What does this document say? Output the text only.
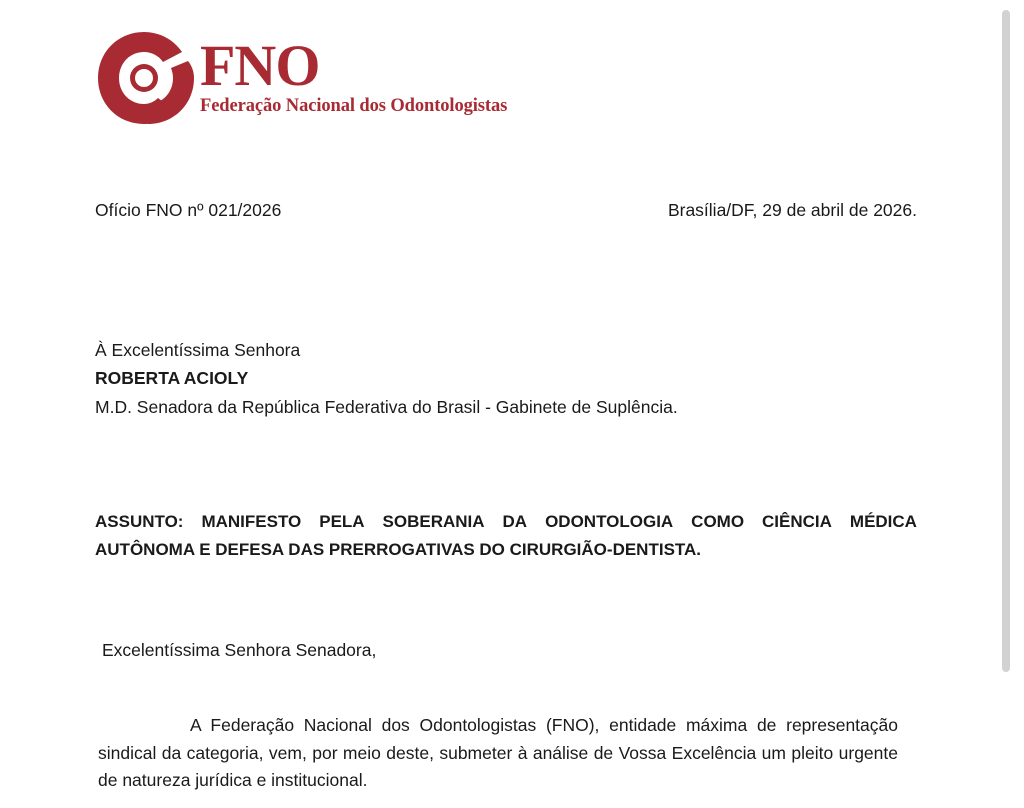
FNO
Federação Nacional dos Odontologistas
Ofício FNO nº 021/2026	Brasília/DF, 29 de abril de 2026.
À Excelentíssima Senhora
ROBERTA ACIOLY
M.D. Senadora da República Federativa do Brasil - Gabinete de Suplência.
ASSUNTO: MANIFESTO PELA SOBERANIA DA ODONTOLOGIA COMO CIÊNCIA MÉDICA
AUTÔNOMA E DEFESA DAS PRERROGATIVAS DO CIRURGIÃO-DENTISTA.
Excelentíssima Senhora Senadora,
A Federação Nacional dos Odontologistas (FNO), entidade máxima de representação sindical da categoria, vem, por meio deste, submeter à análise de Vossa Excelência um pleito urgente de natureza jurídica e institucional.
